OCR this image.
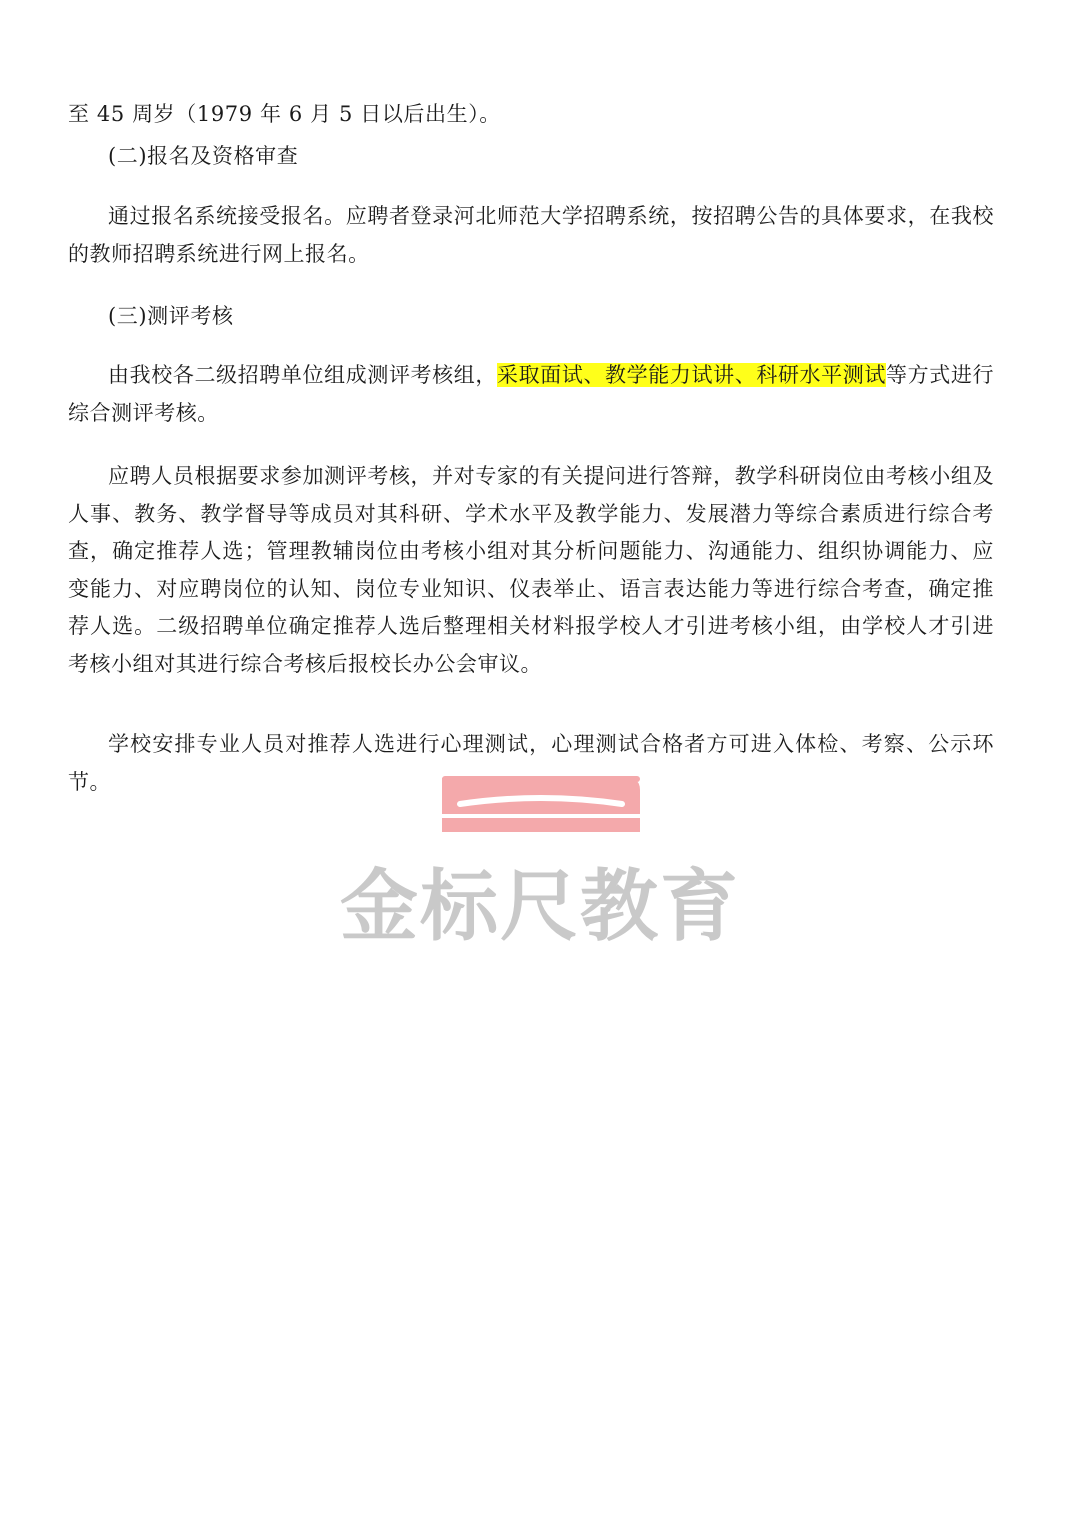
至 45 周岁（1979 年 6 月 5 日以后出生）。
(二)报名及资格审查
通过报名系统接受报名。应聘者登录河北师范大学招聘系统，按招聘公告的具体要求，在我校的教师招聘系统进行网上报名。
(三)测评考核
由我校各二级招聘单位组成测评考核组，采取面试、教学能力试讲、科研水平测试等方式进行综合测评考核。
应聘人员根据要求参加测评考核，并对专家的有关提问进行答辩，教学科研岗位由考核小组及人事、教务、教学督导等成员对其科研、学术水平及教学能力、发展潜力等综合素质进行综合考查，确定推荐人选；管理教辅岗位由考核小组对其分析问题能力、沟通能力、组织协调能力、应变能力、对应聘岗位的认知、岗位专业知识、仪表举止、语言表达能力等进行综合考查，确定推荐人选。二级招聘单位确定推荐人选后整理相关材料报学校人才引进考核小组，由学校人才引进考核小组对其进行综合考核后报校长办公会审议。
学校安排专业人员对推荐人选进行心理测试，心理测试合格者方可进入体检、考察、公示环节。
金标尺教育
